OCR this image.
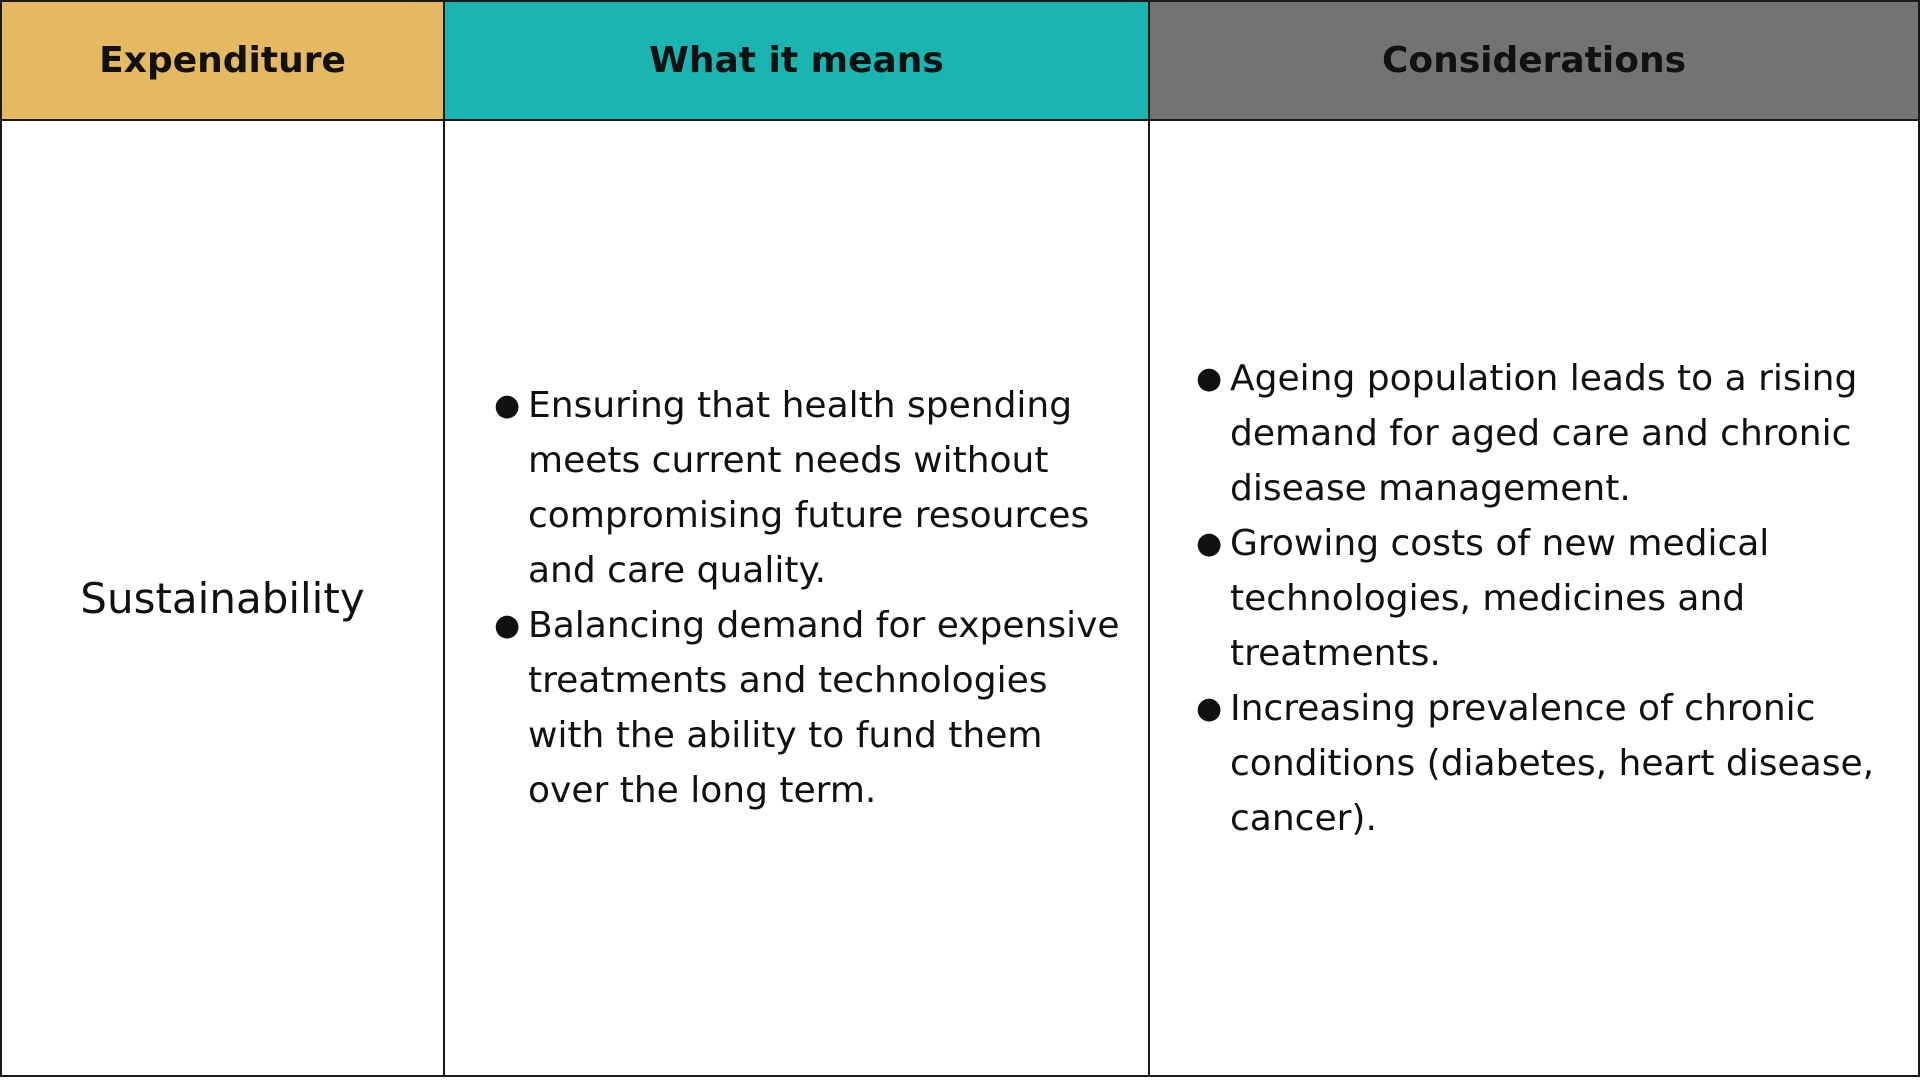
Expenditure	What it means	Considerations
Sustainability
● Ensuring that health spending meets current needs without compromising future resources and care quality.
● Balancing demand for expensive treatments and technologies with the ability to fund them over the long term.
● Ageing population leads to a rising demand for aged care and chronic disease management.
● Growing costs of new medical technologies, medicines and treatments.
● Increasing prevalence of chronic conditions (diabetes, heart disease, cancer).
